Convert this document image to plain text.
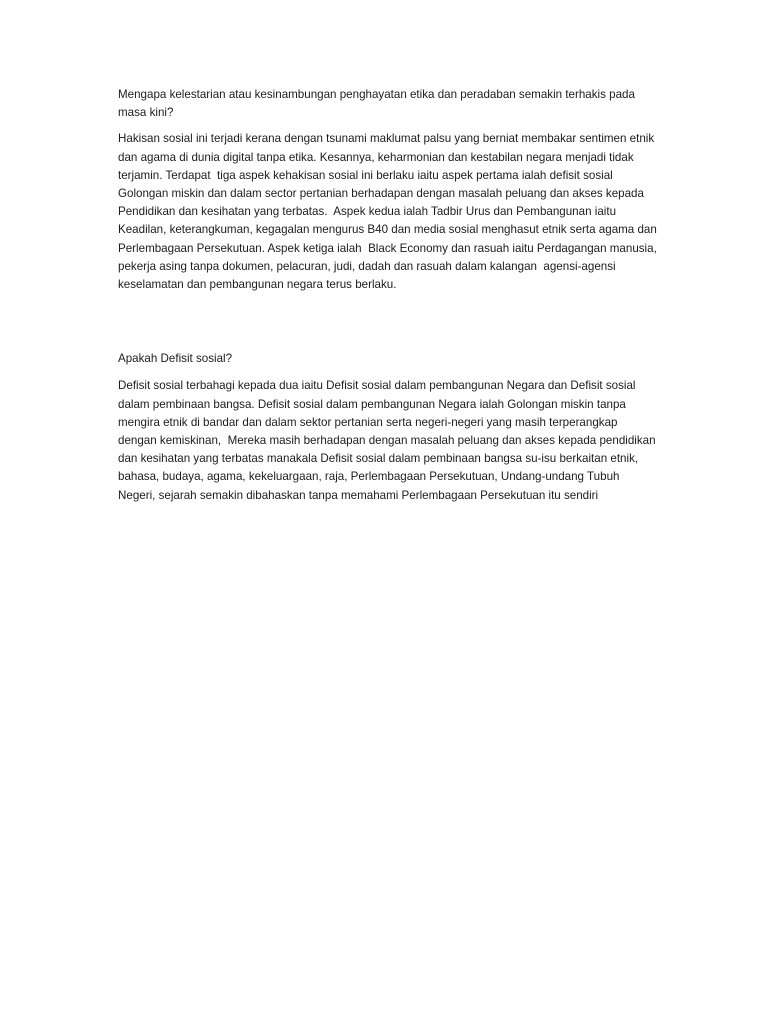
Mengapa kelestarian atau kesinambungan penghayatan etika dan peradaban semakin terhakis pada masa kini?

Hakisan sosial ini terjadi kerana dengan tsunami maklumat palsu yang berniat membakar sentimen etnik dan agama di dunia digital tanpa etika. Kesannya, keharmonian dan kestabilan negara menjadi tidak terjamin. Terdapat  tiga aspek kehakisan sosial ini berlaku iaitu aspek pertama ialah defisit sosial Golongan miskin dan dalam sector pertanian berhadapan dengan masalah peluang dan akses kepada  Pendidikan dan kesihatan yang terbatas.  Aspek kedua ialah Tadbir Urus dan Pembangunan iaitu Keadilan, keterangkuman, kegagalan mengurus B40 dan media sosial menghasut etnik serta agama dan Perlembagaan Persekutuan. Aspek ketiga ialah  Black Economy dan rasuah iaitu Perdagangan manusia, pekerja asing tanpa dokumen, pelacuran, judi, dadah dan rasuah dalam kalangan  agensi-agensi keselamatan dan pembangunan negara terus berlaku.

Apakah Defisit sosial?

Defisit sosial terbahagi kepada dua iaitu Defisit sosial dalam pembangunan Negara dan Defisit sosial dalam pembinaan bangsa. Defisit sosial dalam pembangunan Negara ialah Golongan miskin tanpa mengira etnik di bandar dan dalam sektor pertanian serta negeri-negeri yang masih terperangkap dengan kemiskinan,  Mereka masih berhadapan dengan masalah peluang dan akses kepada pendidikan dan kesihatan yang terbatas manakala Defisit sosial dalam pembinaan bangsa su-isu berkaitan etnik, bahasa, budaya, agama, kekeluargaan, raja, Perlembagaan Persekutuan, Undang-undang Tubuh Negeri, sejarah semakin dibahaskan tanpa memahami Perlembagaan Persekutuan itu sendiri
